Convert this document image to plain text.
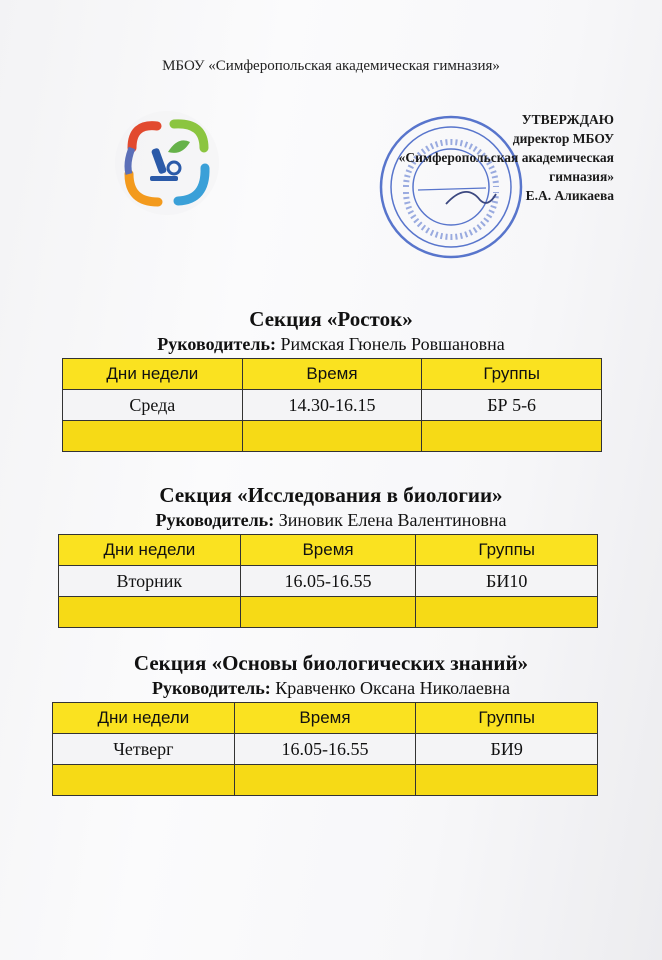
МБОУ «Симферопольская академическая гимназия»
УТВЕРЖДАЮ
директор МБОУ
«Симферопольская академическая
гимназия»
Е.А. Аликаева
Секция «Росток»
Руководитель: Римская Гюнель Ровшановна
Дни недели	Время	Группы
Среда	14.30-16.15	БР 5-6

Секция «Исследования в биологии»
Руководитель: Зиновик Елена Валентиновна
Дни недели	Время	Группы
Вторник	16.05-16.55	БИ10

Секция «Основы биологических знаний»
Руководитель: Кравченко Оксана Николаевна
Дни недели	Время	Группы
Четверг	16.05-16.55	БИ9
